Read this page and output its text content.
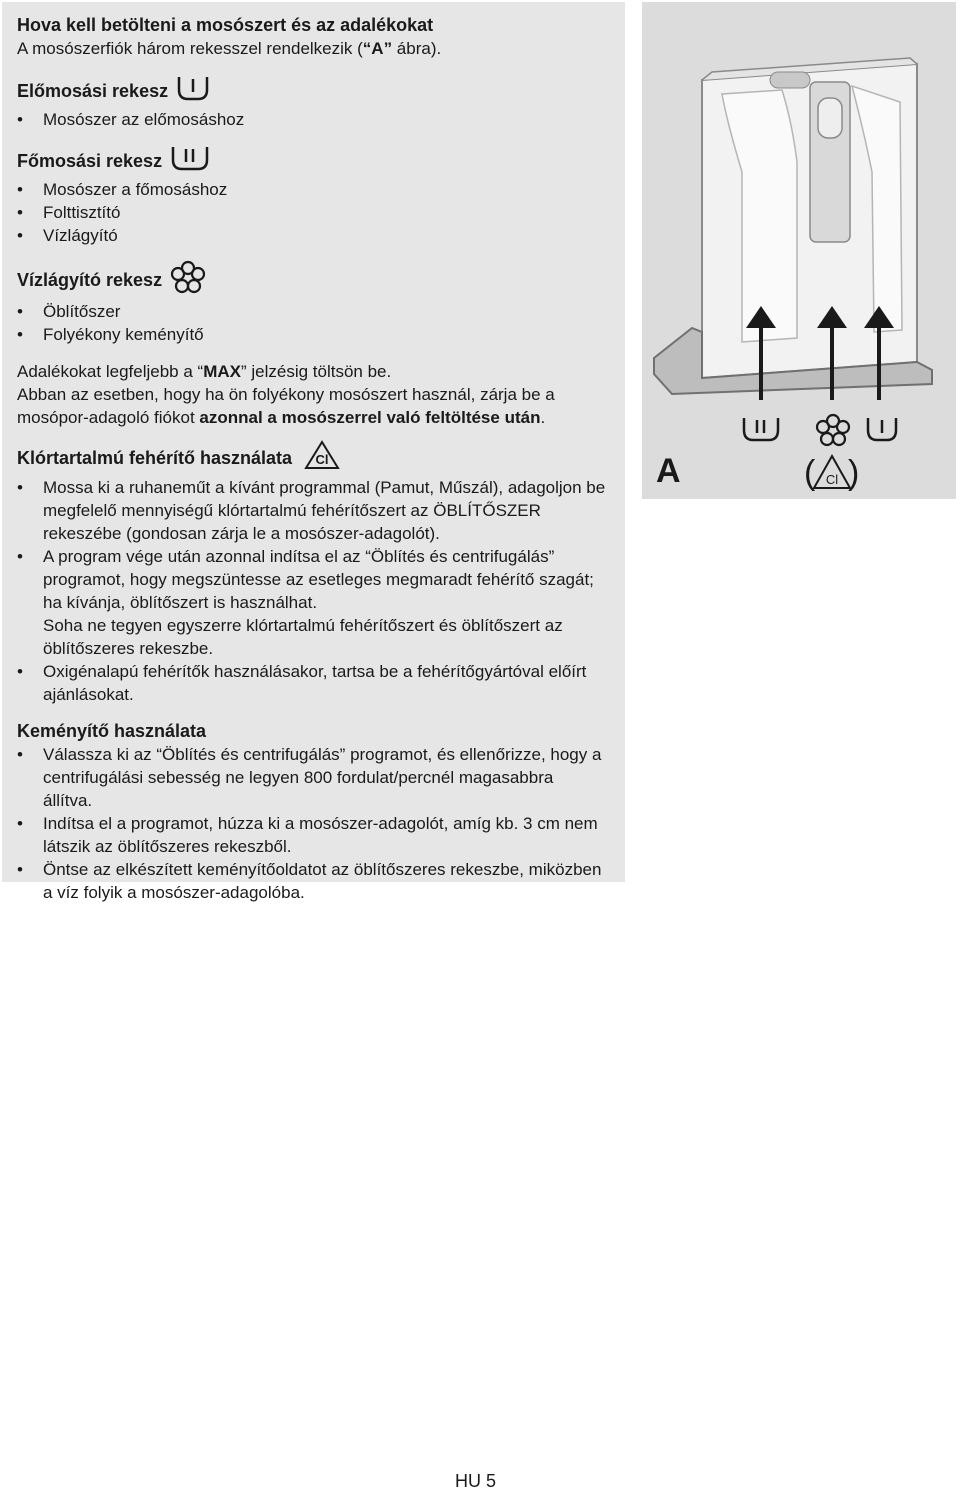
Hova kell betölteni a mosószert és az adalékokat

A mosószerfiók három rekesszel rendelkezik (“A” ábra).

Előmosási rekesz
• Mosószer az előmosáshoz
Főmosási rekesz
• Mosószer a főmosáshoz
• Folttisztító
• Vízlágyító
Vízlágyító rekesz
• Öblítőszer
• Folyékony keményítő

Adalékokat legfeljebb a “MAX” jelzésig töltsön be.

Abban az esetben, hogy ha ön folyékony mosószert használ, zárja be a mosópor-adagoló fiókot azonnal a mosószerrel való feltöltése után.

Klórtartalmú fehérítő használata Cl
• Mossa ki a ruhaneműt a kívánt programmal (Pamut, Műszál), adagoljon be megfelelő mennyiségű klórtartalmú fehérítőszert az ÖBLÍTŐSZER rekeszébe (gondosan zárja le a mosószer-adagolót).
• A program vége után azonnal indítsa el az “Öblítés és centrifugálás” programot, hogy megszüntesse az esetleges megmaradt fehérítő szagát; ha kívánja, öblítőszert is használhat.
Soha ne tegyen egyszerre klórtartalmú fehérítőszert és öblítőszert az öblítőszeres rekeszbe.
• Oxigénalapú fehérítők használásakor, tartsa be a fehérítőgyártóval előírt ajánlásokat.
Keményítő használata
• Válassza ki az “Öblítés és centrifugálás” programot, és ellenőrizze, hogy a centrifugálási sebesség ne legyen 800 fordulat/percnél magasabbra állítva.
• Indítsa el a programot, húzza ki a mosószer-adagolót, amíg kb. 3 cm nem látszik az öblítőszeres rekeszből.
• Öntse az elkészített keményítőoldatot az öblítőszeres rekeszbe, miközben a víz folyik a mosószer-adagolóba.
A	( Cl )
HU 5
